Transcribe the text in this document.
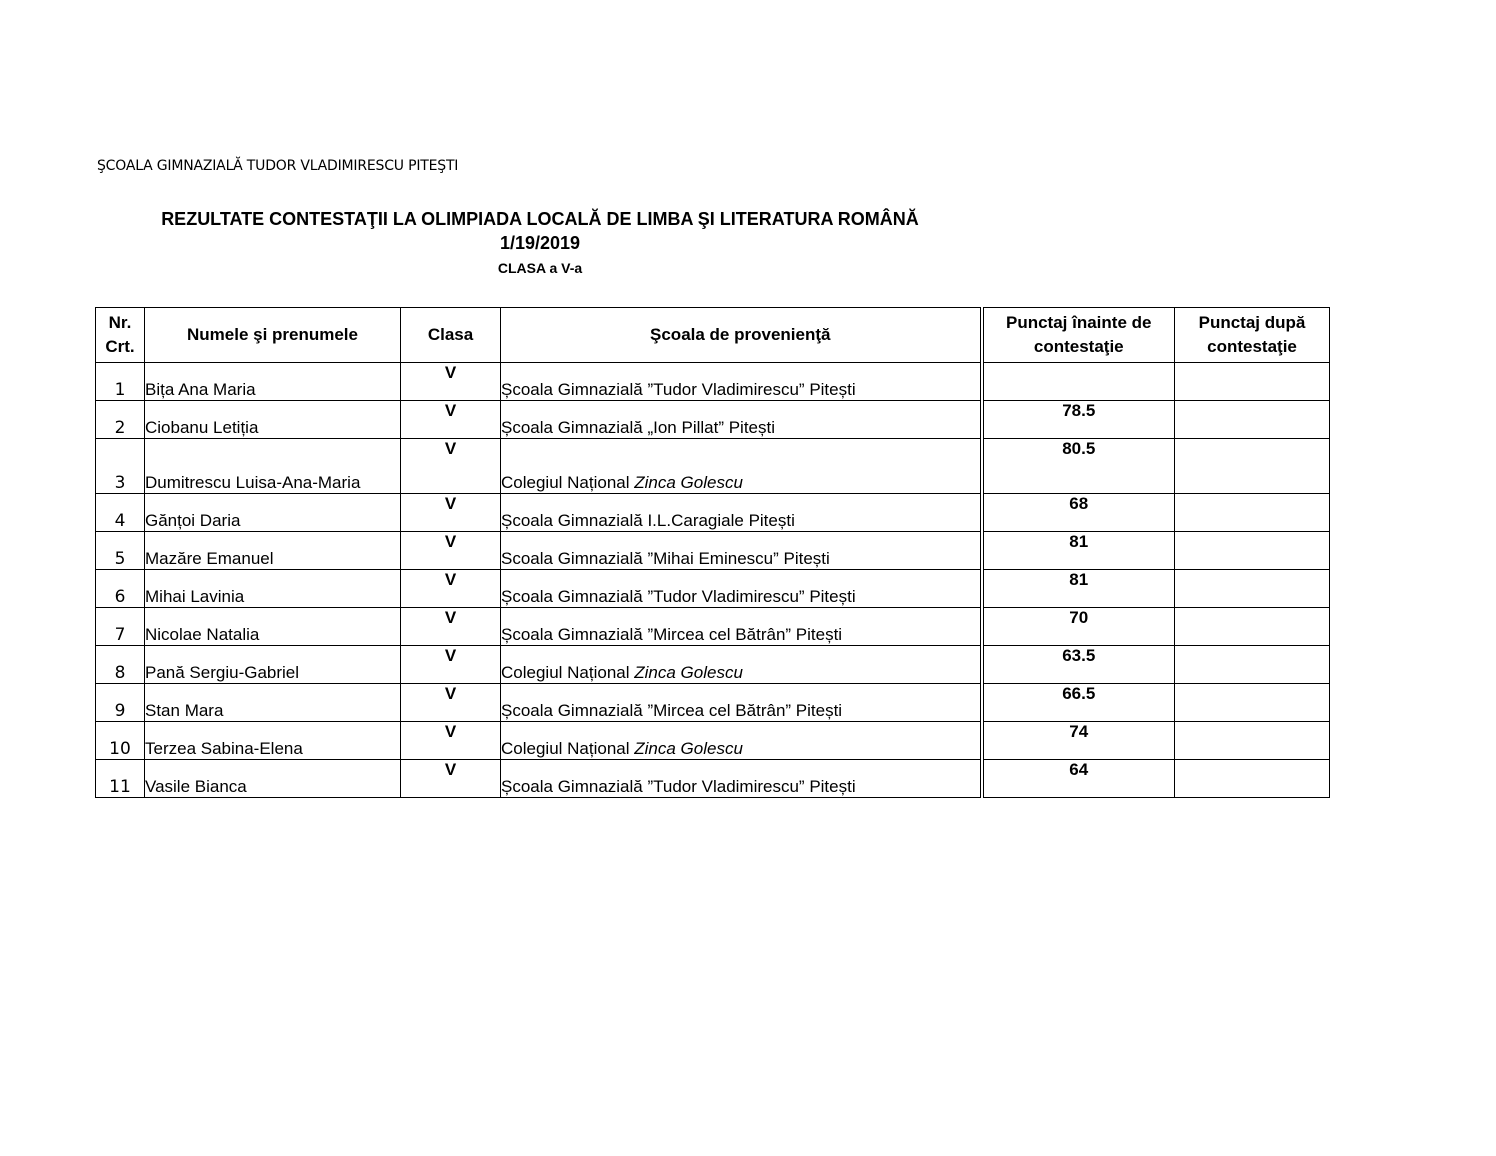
ŞCOALA GIMNAZIALĂ TUDOR VLADIMIRESCU PITEŞTI
REZULTATE CONTESTAŢII LA OLIMPIADA LOCALĂ DE LIMBA ŞI LITERATURA ROMÂNĂ
1/19/2019
CLASA a V-a
Nr. Crt.	Numele şi prenumele	Clasa	Şcoala de provenienţă	Punctaj înainte de contestaţie	Punctaj după contestaţie
1	Bița Ana Maria	V	Școala Gimnazială ”Tudor Vladimirescu” Pitești		
2	Ciobanu Letiția	V	Școala Gimnazială „Ion Pillat” Pitești	78.5	
3	Dumitrescu Luisa-Ana-Maria	V	Colegiul Național Zinca Golescu	80.5	
4	Gănțoi Daria	V	Școala Gimnazială I.L.Caragiale Pitești	68	
5	Mazăre Emanuel	V	Scoala Gimnazială ”Mihai Eminescu” Pitești	81	
6	Mihai Lavinia	V	Școala Gimnazială ”Tudor Vladimirescu” Pitești	81	
7	Nicolae Natalia	V	Școala Gimnazială ”Mircea cel Bătrân” Pitești	70	
8	Pană Sergiu-Gabriel	V	Colegiul Național Zinca Golescu	63.5	
9	Stan Mara	V	Școala Gimnazială ”Mircea cel Bătrân” Pitești	66.5	
10	Terzea Sabina-Elena	V	Colegiul Național Zinca Golescu	74	
11	Vasile Bianca	V	Școala Gimnazială ”Tudor Vladimirescu” Pitești	64	
